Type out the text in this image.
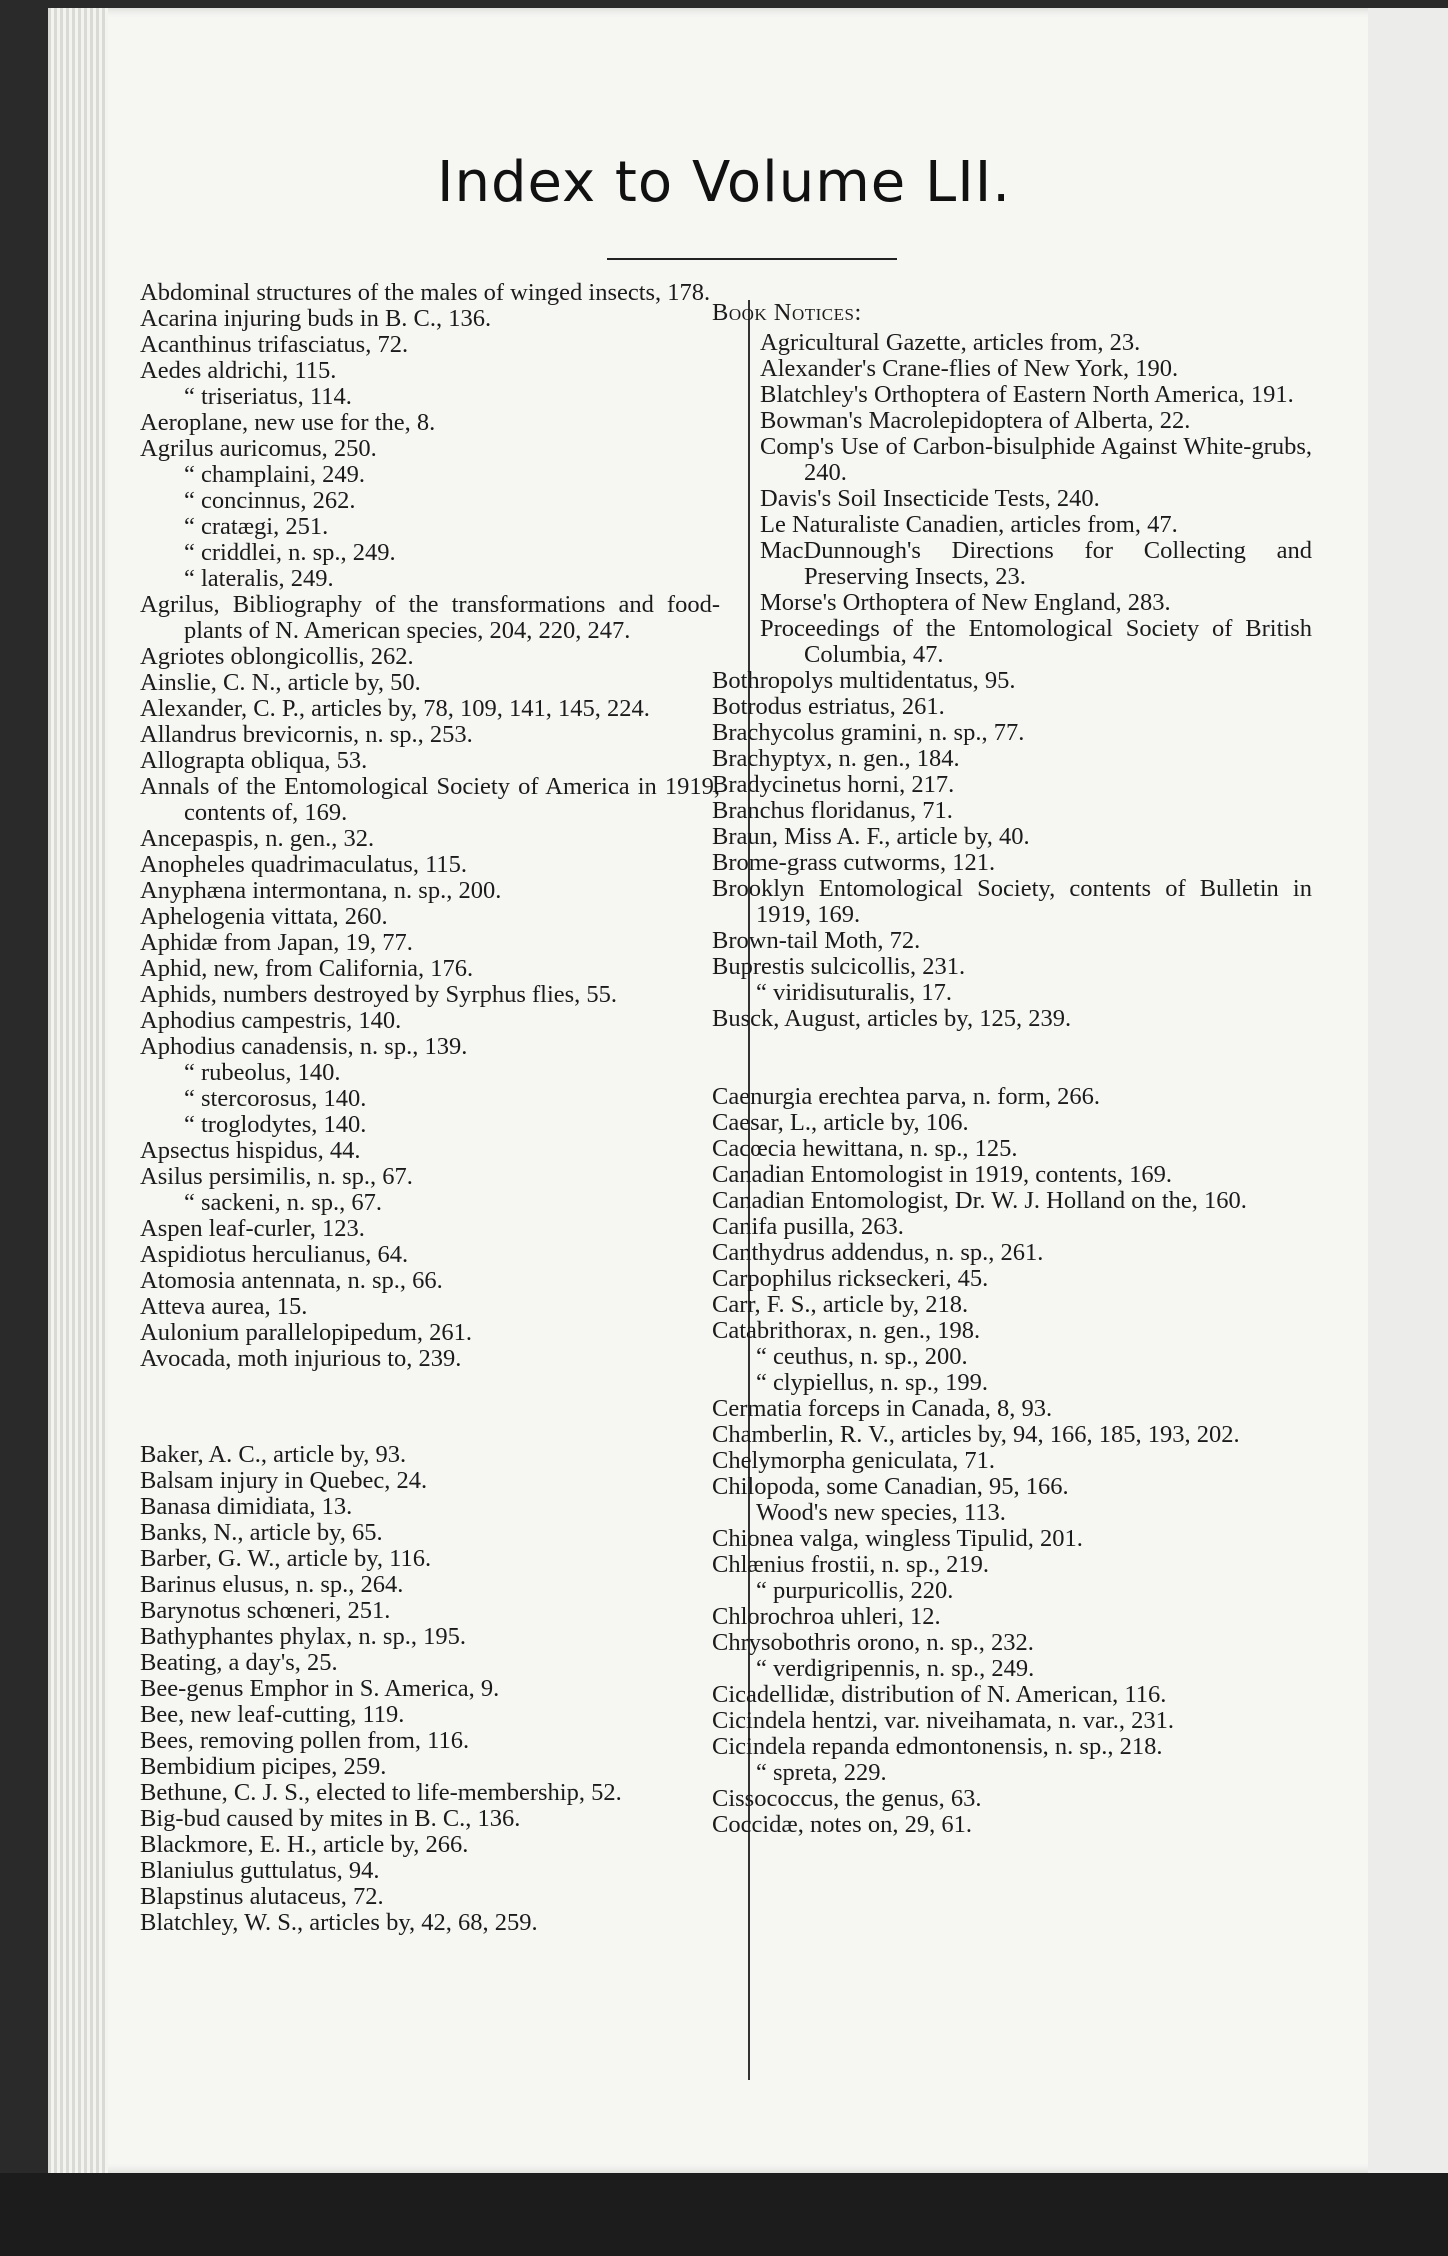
Index to Volume LII.

Abdominal structures of the males of winged insects, 178.

Acarina injuring buds in B. C., 136.

Acanthinus trifasciatus, 72.

Aedes aldrichi, 115.

“ triseriatus, 114.

Aeroplane, new use for the, 8.

Agrilus auricomus, 250.

“ champlaini, 249.

“ concinnus, 262.

“ cratægi, 251.

“ criddlei, n. sp., 249.

“ lateralis, 249.

Agrilus, Bibliography of the transformations and food-plants of N. American species, 204, 220, 247.

Agriotes oblongicollis, 262.

Ainslie, C. N., article by, 50.

Alexander, C. P., articles by, 78, 109, 141, 145, 224.

Allandrus brevicornis, n. sp., 253.

Allograpta obliqua, 53.

Annals of the Entomological Society of America in 1919, contents of, 169.

Ancepaspis, n. gen., 32.

Anopheles quadrimaculatus, 115.

Anyphæna intermontana, n. sp., 200.

Aphelogenia vittata, 260.

Aphidæ from Japan, 19, 77.

Aphid, new, from California, 176.

Aphids, numbers destroyed by Syrphus flies, 55.

Aphodius campestris, 140.

Aphodius canadensis, n. sp., 139.

“ rubeolus, 140.

“ stercorosus, 140.

“ troglodytes, 140.

Apsectus hispidus, 44.

Asilus persimilis, n. sp., 67.

“ sackeni, n. sp., 67.

Aspen leaf-curler, 123.

Aspidiotus herculianus, 64.

Atomosia antennata, n. sp., 66.

Atteva aurea, 15.

Aulonium parallelopipedum, 261.

Avocada, moth injurious to, 239.

Baker, A. C., article by, 93.

Balsam injury in Quebec, 24.

Banasa dimidiata, 13.

Banks, N., article by, 65.

Barber, G. W., article by, 116.

Barinus elusus, n. sp., 264.

Barynotus schœneri, 251.

Bathyphantes phylax, n. sp., 195.

Beating, a day's, 25.

Bee-genus Emphor in S. America, 9.

Bee, new leaf-cutting, 119.

Bees, removing pollen from, 116.

Bembidium picipes, 259.

Bethune, C. J. S., elected to life-membership, 52.

Big-bud caused by mites in B. C., 136.

Blackmore, E. H., article by, 266.

Blaniulus guttulatus, 94.

Blapstinus alutaceus, 72.

Blatchley, W. S., articles by, 42, 68, 259.

Book Notices:

Agricultural Gazette, articles from, 23.

Alexander's Crane-flies of New York, 190.

Blatchley's Orthoptera of Eastern North America, 191.

Bowman's Macrolepidoptera of Alberta, 22.

Comp's Use of Carbon-bisulphide Against White-grubs, 240.

Davis's Soil Insecticide Tests, 240.

Le Naturaliste Canadien, articles from, 47.

MacDunnough's Directions for Collecting and Preserving Insects, 23.

Morse's Orthoptera of New England, 283.

Proceedings of the Entomological Society of British Columbia, 47.

Bothropolys multidentatus, 95.

Botrodus estriatus, 261.

Brachycolus gramini, n. sp., 77.

Brachyptyx, n. gen., 184.

Bradycinetus horni, 217.

Branchus floridanus, 71.

Braun, Miss A. F., article by, 40.

Brome-grass cutworms, 121.

Brooklyn Entomological Society, contents of Bulletin in 1919, 169.

Brown-tail Moth, 72.

Buprestis sulcicollis, 231.

“ viridisuturalis, 17.

Busck, August, articles by, 125, 239.

Caenurgia erechtea parva, n. form, 266.

Caesar, L., article by, 106.

Cacœcia hewittana, n. sp., 125.

Canadian Entomologist in 1919, contents, 169.

Canadian Entomologist, Dr. W. J. Holland on the, 160.

Canifa pusilla, 263.

Canthydrus addendus, n. sp., 261.

Carpophilus rickseckeri, 45.

Carr, F. S., article by, 218.

Catabrithorax, n. gen., 198.

“ ceuthus, n. sp., 200.

“ clypiellus, n. sp., 199.

Cermatia forceps in Canada, 8, 93.

Chamberlin, R. V., articles by, 94, 166, 185, 193, 202.

Chelymorpha geniculata, 71.

Chilopoda, some Canadian, 95, 166.

Wood's new species, 113.

Chionea valga, wingless Tipulid, 201.

Chlænius frostii, n. sp., 219.

“ purpuricollis, 220.

Chlorochroa uhleri, 12.

Chrysobothris orono, n. sp., 232.

“ verdigripennis, n. sp., 249.

Cicadellidæ, distribution of N. American, 116.

Cicindela hentzi, var. niveihamata, n. var., 231.

Cicindela repanda edmontonensis, n. sp., 218.

“ spreta, 229.

Cissococcus, the genus, 63.

Coccidæ, notes on, 29, 61.
